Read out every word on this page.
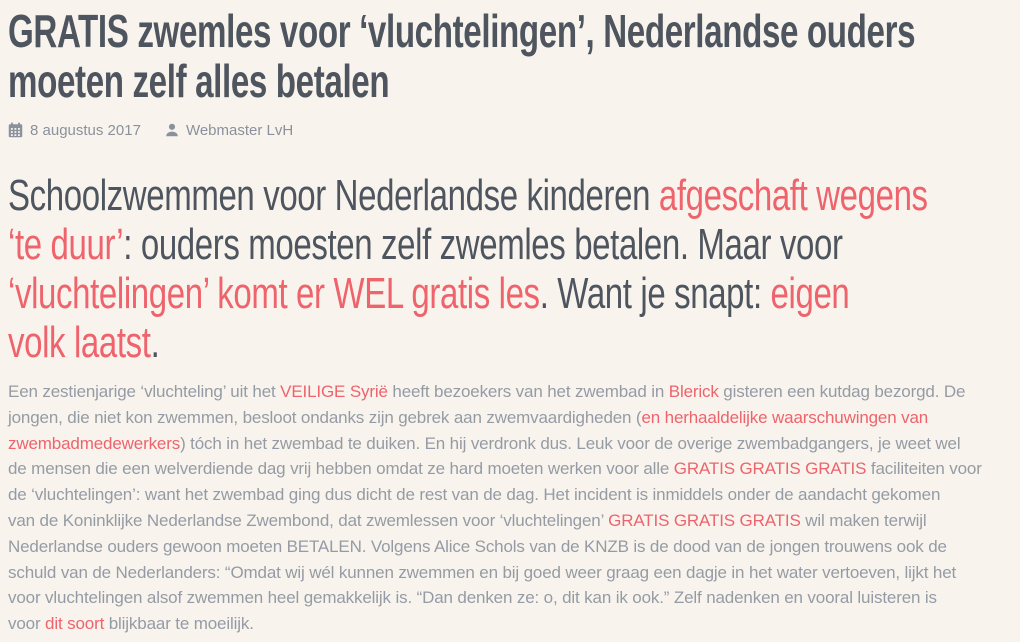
GRATIS zwemles voor ‘vluchtelingen’, Nederlandse ouders
moeten zelf alles betalen
8 augustus 2017	Webmaster LvH
Schoolzwemmen voor Nederlandse kinderen afgeschaft wegens
‘te duur’: ouders moesten zelf zwemles betalen. Maar voor
‘vluchtelingen’ komt er WEL gratis les. Want je snapt: eigen
volk laatst.
Een zestienjarige ‘vluchteling’ uit het VEILIGE Syrië heeft bezoekers van het zwembad in Blerick gisteren een kutdag bezorgd. De
jongen, die niet kon zwemmen, besloot ondanks zijn gebrek aan zwemvaardigheden (en herhaaldelijke waarschuwingen van
zwembadmedewerkers) tóch in het zwembad te duiken. En hij verdronk dus. Leuk voor de overige zwembadgangers, je weet wel
de mensen die een welverdiende dag vrij hebben omdat ze hard moeten werken voor alle GRATIS GRATIS GRATIS faciliteiten voor
de ‘vluchtelingen’: want het zwembad ging dus dicht de rest van de dag. Het incident is inmiddels onder de aandacht gekomen
van de Koninklijke Nederlandse Zwembond, dat zwemlessen voor ‘vluchtelingen’ GRATIS GRATIS GRATIS wil maken terwijl
Nederlandse ouders gewoon moeten BETALEN. Volgens Alice Schols van de KNZB is de dood van de jongen trouwens ook de
schuld van de Nederlanders: “Omdat wij wél kunnen zwemmen en bij goed weer graag een dagje in het water vertoeven, lijkt het
voor vluchtelingen alsof zwemmen heel gemakkelijk is. “Dan denken ze: o, dit kan ik ook.” Zelf nadenken en vooral luisteren is
voor dit soort blijkbaar te moeilijk.
